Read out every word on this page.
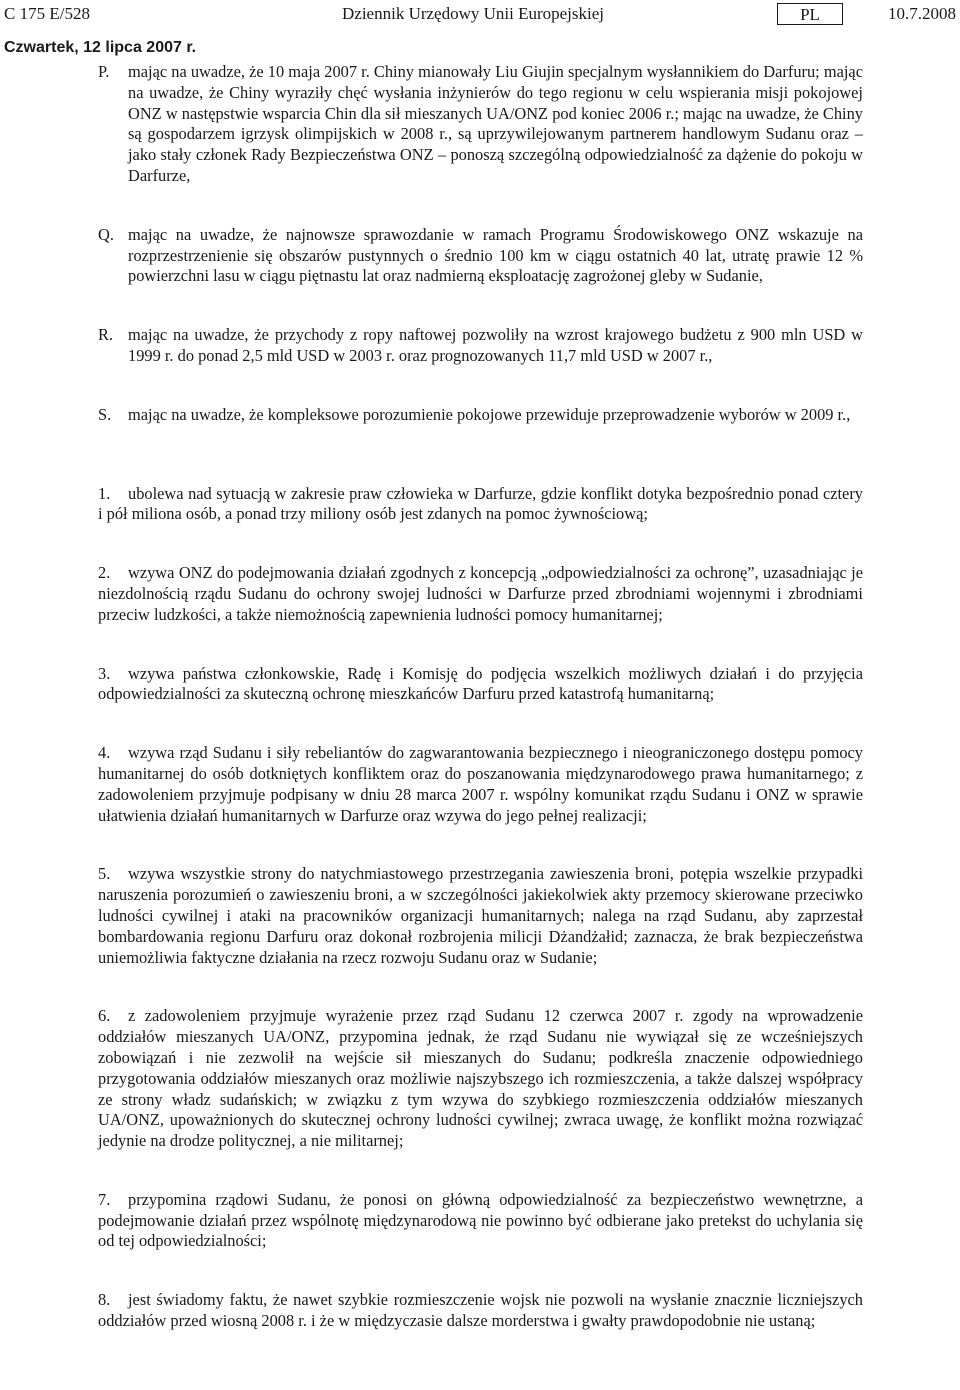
C 175 E/528	Dziennik Urzędowy Unii Europejskiej	PL	10.7.2008
Czwartek, 12 lipca 2007 r.
P. mając na uwadze, że 10 maja 2007 r. Chiny mianowały Liu Giujin specjalnym wysłannikiem do Darfuru; mając na uwadze, że Chiny wyraziły chęć wysłania inżynierów do tego regionu w celu wspierania misji pokojowej ONZ w następstwie wsparcia Chin dla sił mieszanych UA/ONZ pod koniec 2006 r.; mając na uwadze, że Chiny są gospodarzem igrzysk olimpijskich w 2008 r., są uprzywilejowanym partnerem handlowym Sudanu oraz – jako stały członek Rady Bezpieczeństwa ONZ – ponoszą szczególną odpowiedzialność za dążenie do pokoju w Darfurze,
Q. mając na uwadze, że najnowsze sprawozdanie w ramach Programu Środowiskowego ONZ wskazuje na rozprzestrzenienie się obszarów pustynnych o średnio 100 km w ciągu ostatnich 40 lat, utratę prawie 12 % powierzchni lasu w ciągu piętnastu lat oraz nadmierną eksploatację zagrożonej gleby w Sudanie,
R. mając na uwadze, że przychody z ropy naftowej pozwoliły na wzrost krajowego budżetu z 900 mln USD w 1999 r. do ponad 2,5 mld USD w 2003 r. oraz prognozowanych 11,7 mld USD w 2007 r.,
S. mając na uwadze, że kompleksowe porozumienie pokojowe przewiduje przeprowadzenie wyborów w 2009 r.,
1. ubolewa nad sytuacją w zakresie praw człowieka w Darfurze, gdzie konflikt dotyka bezpośrednio ponad cztery i pół miliona osób, a ponad trzy miliony osób jest zdanych na pomoc żywnościową;
2. wzywa ONZ do podejmowania działań zgodnych z koncepcją „odpowiedzialności za ochronę”, uzasadniając je niezdolnością rządu Sudanu do ochrony swojej ludności w Darfurze przed zbrodniami wojennymi i zbrodniami przeciw ludzkości, a także niemożnością zapewnienia ludności pomocy humanitarnej;
3. wzywa państwa członkowskie, Radę i Komisję do podjęcia wszelkich możliwych działań i do przyjęcia odpowiedzialności za skuteczną ochronę mieszkańców Darfuru przed katastrofą humanitarną;
4. wzywa rząd Sudanu i siły rebeliantów do zagwarantowania bezpiecznego i nieograniczonego dostępu pomocy humanitarnej do osób dotkniętych konfliktem oraz do poszanowania międzynarodowego prawa humanitarnego; z zadowoleniem przyjmuje podpisany w dniu 28 marca 2007 r. wspólny komunikat rządu Sudanu i ONZ w sprawie ułatwienia działań humanitarnych w Darfurze oraz wzywa do jego pełnej realizacji;
5. wzywa wszystkie strony do natychmiastowego przestrzegania zawieszenia broni, potępia wszelkie przypadki naruszenia porozumień o zawieszeniu broni, a w szczególności jakiekolwiek akty przemocy skierowane przeciwko ludności cywilnej i ataki na pracowników organizacji humanitarnych; nalega na rząd Sudanu, aby zaprzestał bombardowania regionu Darfuru oraz dokonał rozbrojenia milicji Dżandżałid; zaznacza, że brak bezpieczeństwa uniemożliwia faktyczne działania na rzecz rozwoju Sudanu oraz w Sudanie;
6. z zadowoleniem przyjmuje wyrażenie przez rząd Sudanu 12 czerwca 2007 r. zgody na wprowadzenie oddziałów mieszanych UA/ONZ, przypomina jednak, że rząd Sudanu nie wywiązał się ze wcześniejszych zobowiązań i nie zezwolił na wejście sił mieszanych do Sudanu; podkreśla znaczenie odpowiedniego przygotowania oddziałów mieszanych oraz możliwie najszybszego ich rozmieszczenia, a także dalszej współpracy ze strony władz sudańskich; w związku z tym wzywa do szybkiego rozmieszczenia oddziałów mieszanych UA/ONZ, upoważnionych do skutecznej ochrony ludności cywilnej; zwraca uwagę, że konflikt można rozwiązać jedynie na drodze politycznej, a nie militarnej;
7. przypomina rządowi Sudanu, że ponosi on główną odpowiedzialność za bezpieczeństwo wewnętrzne, a podejmowanie działań przez wspólnotę międzynarodową nie powinno być odbierane jako pretekst do uchylania się od tej odpowiedzialności;
8. jest świadomy faktu, że nawet szybkie rozmieszczenie wojsk nie pozwoli na wysłanie znacznie liczniejszych oddziałów przed wiosną 2008 r. i że w międzyczasie dalsze morderstwa i gwałty prawdopodobnie nie ustaną;
